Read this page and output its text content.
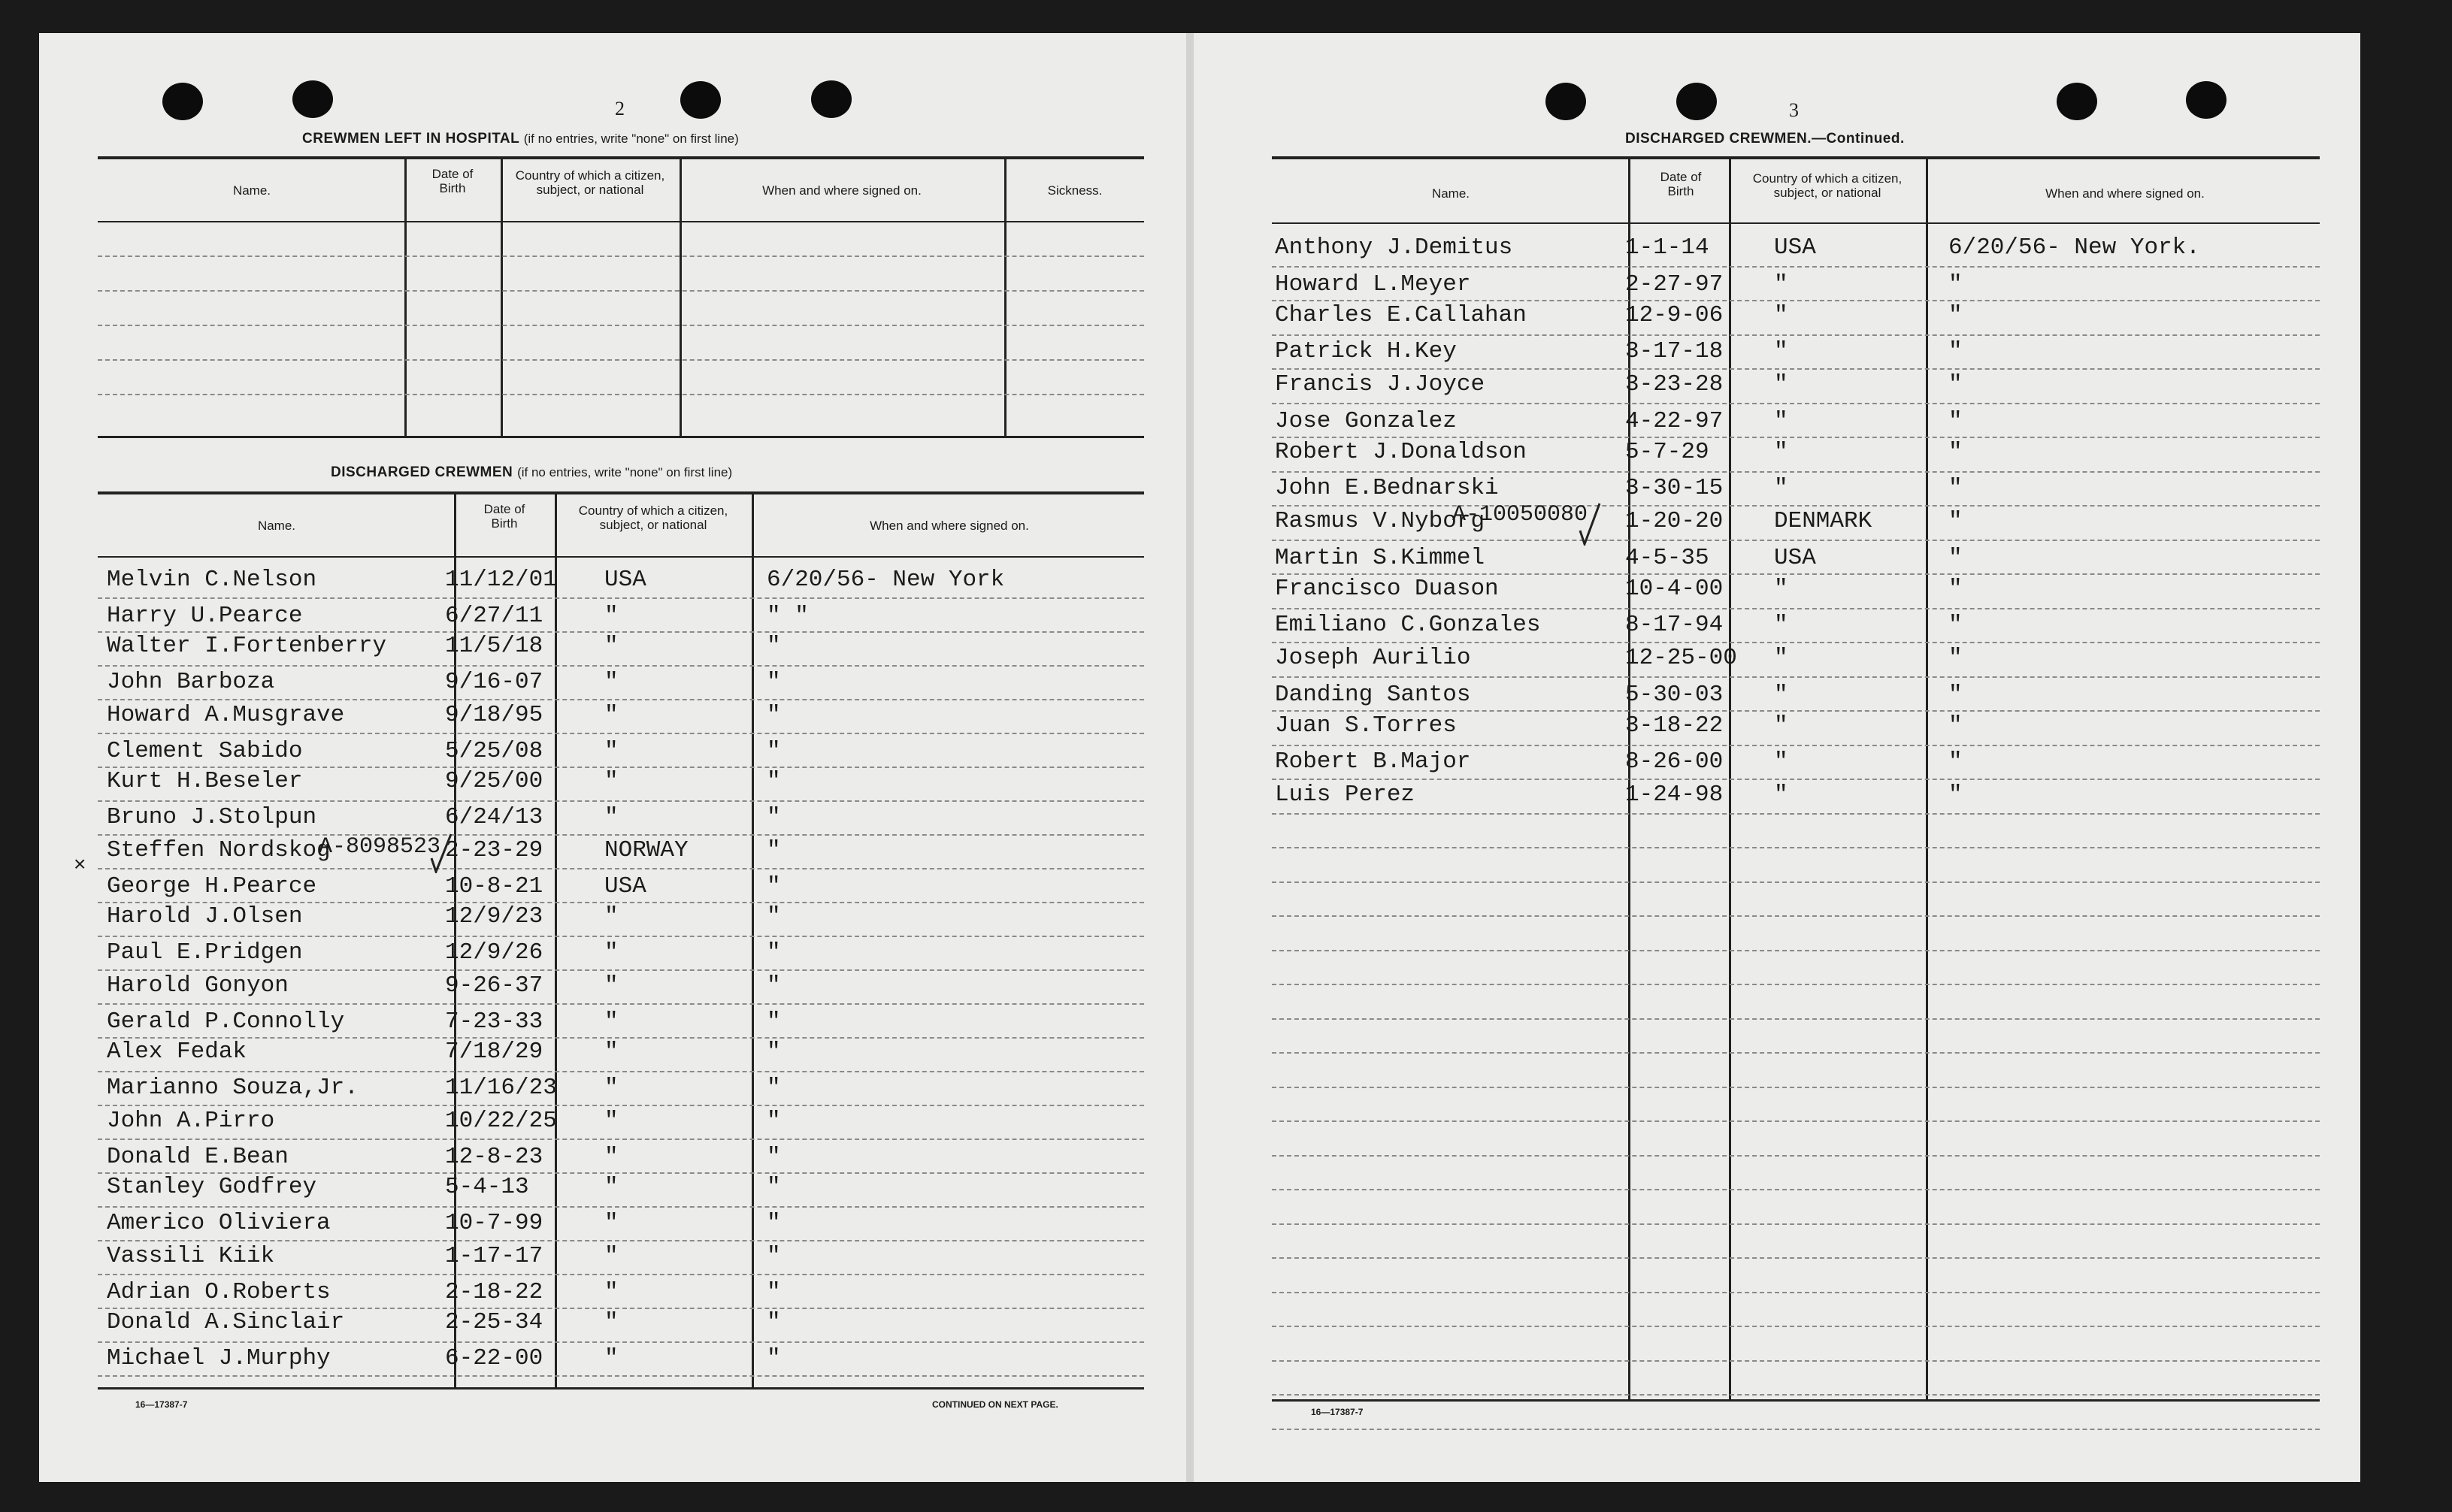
2
CREWMEN LEFT IN HOSPITAL (if no entries, write "none" on first line)
Name.
Date of Birth
Country of which a citizen, subject, or national	When and where signed on.	Sickness.
DISCHARGED CREWMEN (if no entries, write "none" on first line)
Name.
Date of Birth
Country of which a citizen, subject, or national	When and where signed on.
Melvin C.Nelson	11/12/01 USA	6/20/56- New York
Harry U.Pearce	6/27/11	"	" "
Walter I.Fortenberry	11/5/18	"	"
John Barboza	9/16-07	"	"
Howard A.Musgrave	9/18/95	"	"
Clement Sabido	5/25/08	"	"
Kurt H.Beseler	9/25/00	"	"
Bruno J.Stolpun	6/24/13	"	"
Steffen Nordskog	2-23-29	NORWAY	"
George H.Pearce	10-8-21	USA	"
Harold J.Olsen	12/9/23	"	"
Paul E.Pridgen	12/9/26	"	"
Harold Gonyon	9-26-37	"	"
Gerald P.Connolly	7-23-33	"	"
Alex Fedak	7/18/29	"	"
Marianno Souza,Jr.	11/16/23 "	"
John A.Pirro	10/22/25 "	"
Donald E.Bean	12-8-23	"	"
Stanley Godfrey	5-4-13	"	"
Americo Oliviera	10-7-99	"	"
Vassili Kiik	1-17-17	"	"
Adrian O.Roberts	2-18-22	"	"
Donald A.Sinclair	2-25-34	"	"
Michael J.Murphy	6-22-00	"	"
A-8098523
×
16—17387-7	CONTINUED ON NEXT PAGE.
3
DISCHARGED CREWMEN.—Continued.
Name.
Date of Birth
Country of which a citizen, subject, or national	When and where signed on.
Anthony J.Demitus	1-1-14	USA	6/20/56- New York.
Howard L.Meyer	2-27-97 "	"
Charles E.Callahan	12-9-06 "	"
Patrick H.Key	3-17-18 "	"
Francis J.Joyce	3-23-28 "	"
Jose Gonzalez	4-22-97 "	"
Robert J.Donaldson	5-7-29	"	"
John E.Bednarski	3-30-15 "	"
Rasmus V.Nyborg	1-20-20 DENMARK	"
Martin S.Kimmel	4-5-35	USA	"
Francisco Duason	10-4-00 "	"
Emiliano C.Gonzales	8-17-94 "	"
Joseph Aurilio	12-25-00 "	"
Danding Santos	5-30-03 "	"
Juan S.Torres	3-18-22 "	"
Robert B.Major	8-26-00 "	"
Luis Perez	1-24-98 "	"
A-10050080
16—17387-7
